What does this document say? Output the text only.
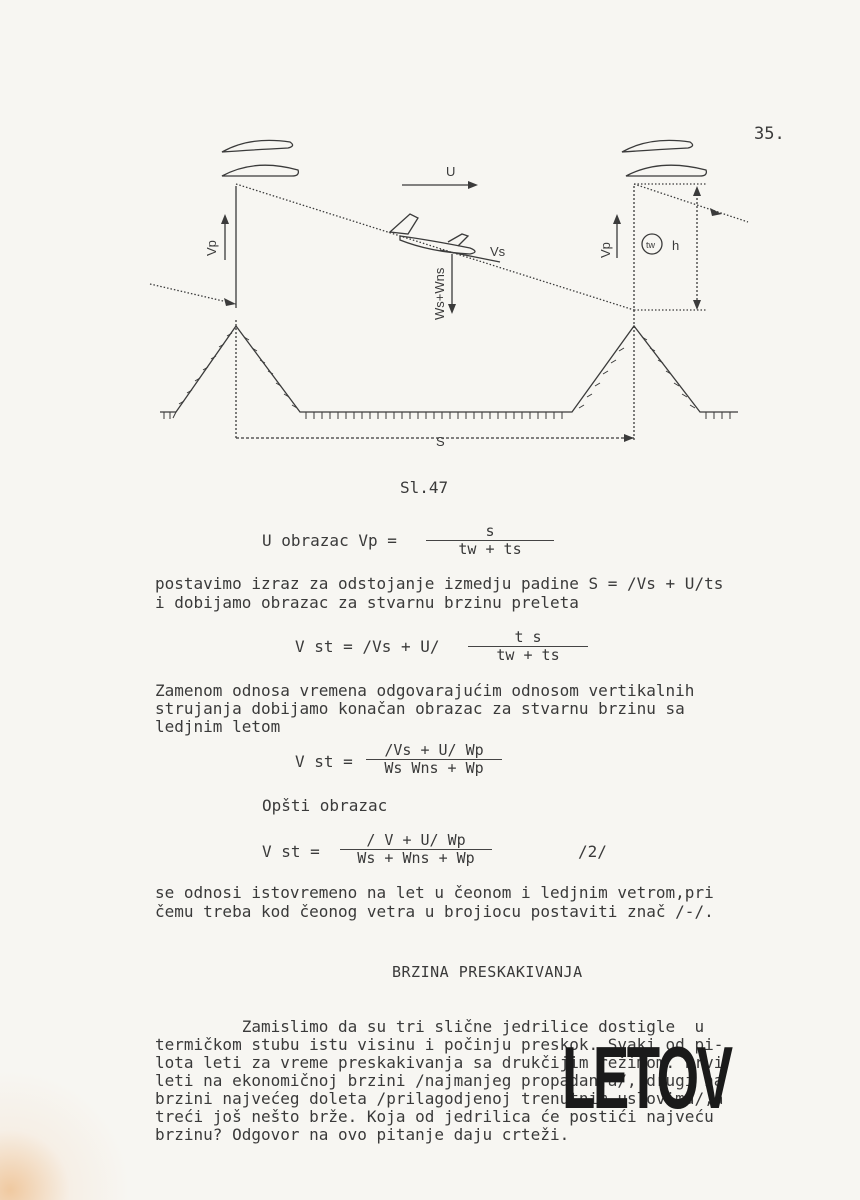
35.
U
Vp	Vp
Vs
Ws+Wns
h
tw
S
Sl.47
U obrazac Vp =	s
tw + ts
postavimo izraz za odstojanje izmedju padine S = /Vs + U/ts
i dobijamo obrazac za stvarnu brzinu preleta
V st = /Vs + U/	t s
tw + ts
Zamenom odnosa vremena odgovarajućim odnosom vertikalnih
strujanja dobijamo konačan obrazac za stvarnu brzinu sa
ledjnim letom
V st =
/Vs + U/ Wp
Ws Wns + Wp
Opšti obrazac
V st =
/ V + U/ Wp
Ws + Wns + Wp	/2/
se odnosi istovremeno na let u čeonom i ledjnim vetrom,pri
čemu treba kod čeonog vetra u brojiocu postaviti znač /-/.
BRZINA PRESKAKIVANJA
Zamislimo da su tri slične jedrilice dostigle  u
termičkom stubu istu visinu i počinju preskok. Svaki od pi-
lota leti za vreme preskakivanja sa drukčijim režimom. Prvi
leti na ekonomičnoj brzini /najmanjeg propadanja/, drugi na
brzini najvećeg doleta /prilagodjenoj trenutnim uslovima/,a
treći još nešto brže. Koja od jedrilica će postići najveću
brzinu? Odgovor na ovo pitanje daju crteži.
LETOV
